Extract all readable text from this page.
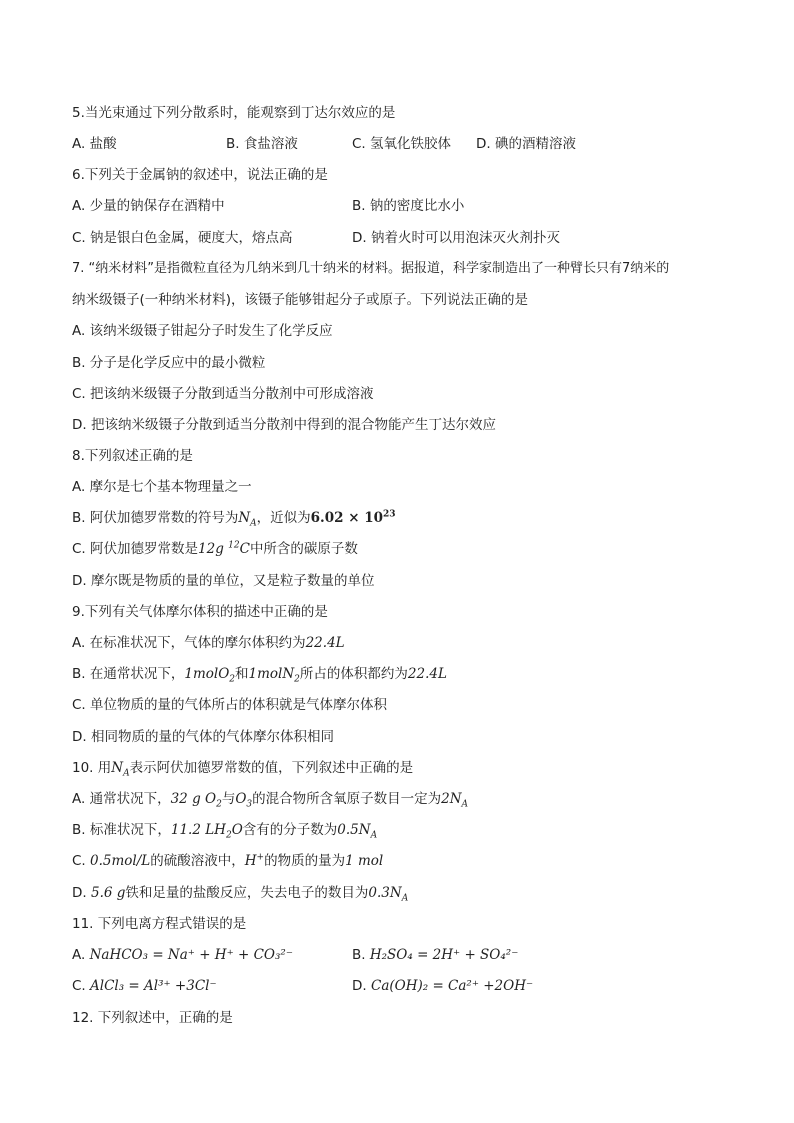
5.当光束通过下列分散系时，能观察到丁达尔效应的是
A. 盐酸	B. 食盐溶液	C. 氢氧化铁胶体 D. 碘的酒精溶液
6.下列关于金属钠的叙述中，说法正确的是
A. 少量的钠保存在酒精中	B. 钠的密度比水小
C. 钠是银白色金属，硬度大，熔点高	D. 钠着火时可以用泡沫灭火剂扑灭
7. “纳米材料”是指微粒直径为几纳米到几十纳米的材料。据报道，科学家制造出了一种臂长只有7纳米的
纳米级镊子(一种纳米材料)，该镊子能够钳起分子或原子。下列说法正确的是
A. 该纳米级镊子钳起分子时发生了化学反应
B. 分子是化学反应中的最小微粒
C. 把该纳米级镊子分散到适当分散剂中可形成溶液
D. 把该纳米级镊子分散到适当分散剂中得到的混合物能产生丁达尔效应
8.下列叙述正确的是
A. 摩尔是七个基本物理量之一
B. 阿伏加德罗常数的符号为$N_A$，近似为$6.02 \times 10^{23}$
C. 阿伏加德罗常数是12g $^{12}$C中所含的碳原子数
D. 摩尔既是物质的量的单位，又是粒子数量的单位
9.下列有关气体摩尔体积的描述中正确的是
A. 在标准状况下，气体的摩尔体积约为22.4L
B. 在通常状况下，1molO$_2$和1molN$_2$所占的体积都约为22.4L
C. 单位物质的量的气体所占的体积就是气体摩尔体积
D. 相同物质的量的气体的气体摩尔体积相同
10. 用$N_A$表示阿伏加德罗常数的值，下列叙述中正确的是
A. 通常状况下，32 g $O_2$与$O_3$的混合物所含氧原子数目一定为$2N_A$
B. 标准状况下，11.2 $LH_2O$含有的分子数为$0.5N_A$
C. 0.5mol/L的硫酸溶液中，H+的物质的量为1 mol
D. 5.6 g铁和足量的盐酸反应，失去电子的数目为$0.3N_A$
11. 下列电离方程式错误的是
A. NaHCO₃ = Na⁺ + H⁺ + CO₃²⁻	B. H₂SO₄ = 2H⁺ + SO₄²⁻
C. AlCl₃ = Al³⁺ +3Cl⁻	D. Ca(OH)₂ = Ca²⁺ +2OH⁻
12. 下列叙述中，正确的是
